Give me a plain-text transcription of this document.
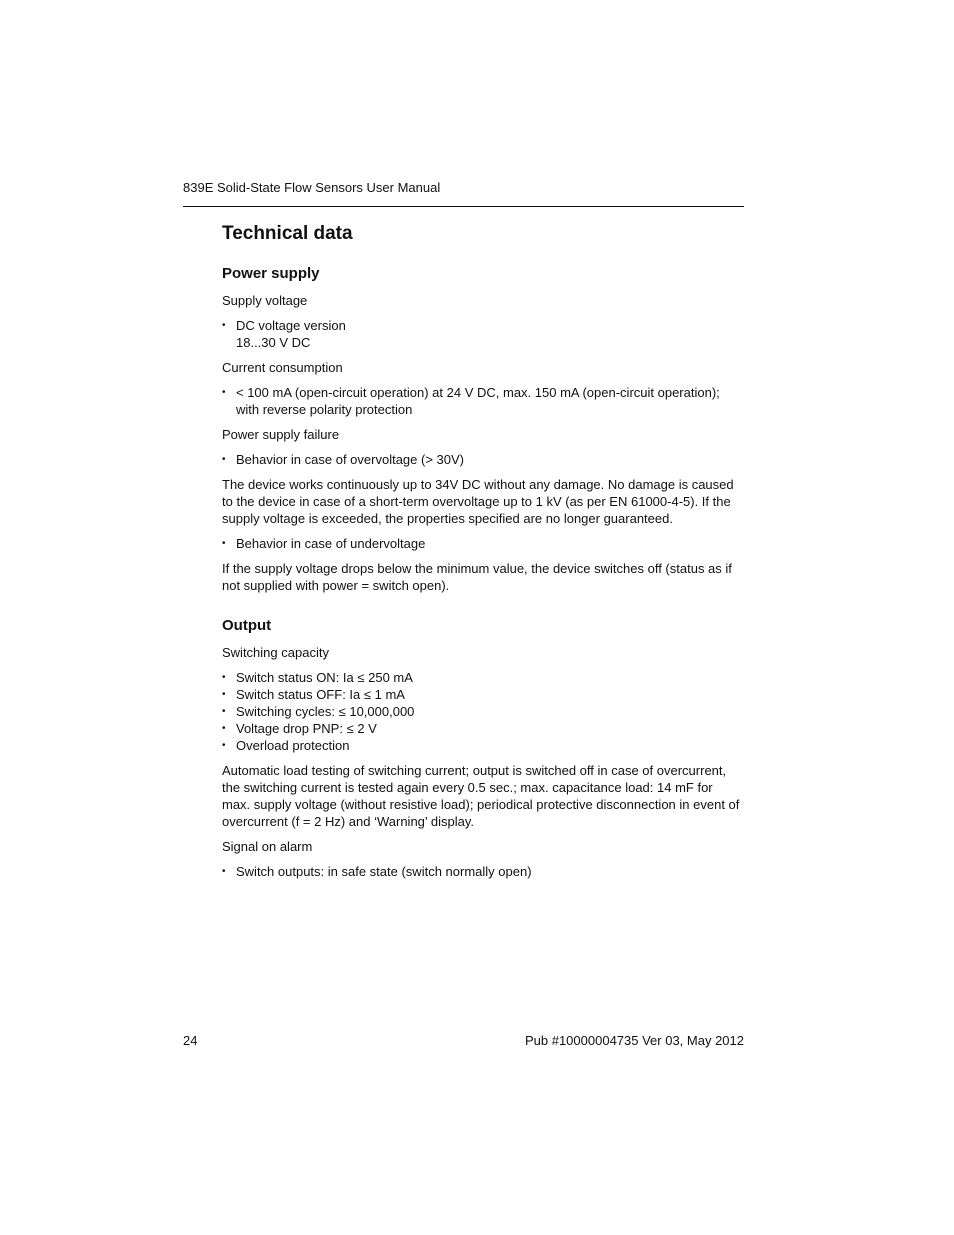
839E Solid-State Flow Sensors User Manual
Technical data
Power supply

Supply voltage

• DC voltage version
18...30 V DC

Current consumption

• < 100 mA (open-circuit operation) at 24 V DC, max. 150 mA (open-circuit operation); with reverse polarity protection

Power supply failure

• Behavior in case of overvoltage (> 30V)

The device works continuously up to 34V DC without any damage. No damage is caused to the device in case of a short-term overvoltage up to 1 kV (as per EN 61000-4-5). If the supply voltage is exceeded, the properties specified are no longer guaranteed.

• Behavior in case of undervoltage

If the supply voltage drops below the minimum value, the device switches off (status as if not supplied with power = switch open).

Output

Switching capacity

• Switch status ON: Ia ≤ 250 mA
• Switch status OFF: Ia ≤ 1 mA
• Switching cycles: ≤ 10,000,000
• Voltage drop PNP: ≤ 2 V
• Overload protection

Automatic load testing of switching current; output is switched off in case of overcurrent, the switching current is tested again every 0.5 sec.; max. capacitance load: 14 mF for max. supply voltage (without resistive load); periodical protective disconnection in event of overcurrent (f = 2 Hz) and ‘Warning’ display.

Signal on alarm

• Switch outputs: in safe state (switch normally open)
24	Pub #10000004735 Ver 03, May 2012
